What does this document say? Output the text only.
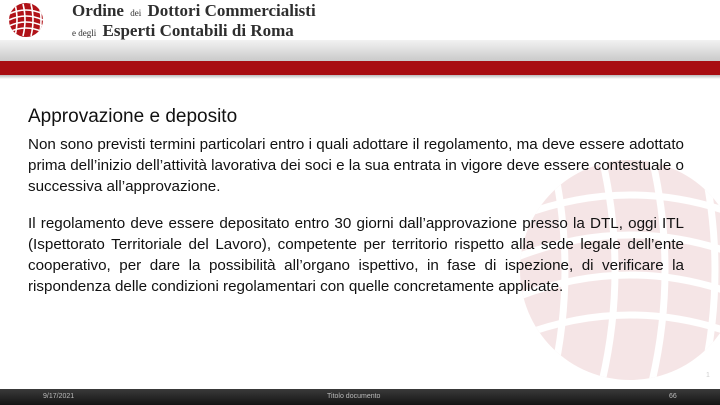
Ordine dei Dottori Commercialisti
e degli Esperti Contabili di Roma
Approvazione e deposito

Non sono previsti termini particolari entro i quali adottare il regolamento, ma deve essere adottato prima dell’inizio dell’attività lavorativa dei soci e la sua entrata in vigore deve essere contestuale o successiva all’approvazione.

Il regolamento deve essere depositato entro 30 giorni dall’approvazione presso la DTL, oggi ITL (Ispettorato Territoriale del Lavoro), competente per territorio rispetto alla sede legale dell’ente cooperativo, per dare la possibilità all’organo ispettivo, in fase di ispezione, di verificare la rispondenza delle condizioni regolamentari con quelle concretamente applicate.

1
9/17/2021	Titolo documento	66
